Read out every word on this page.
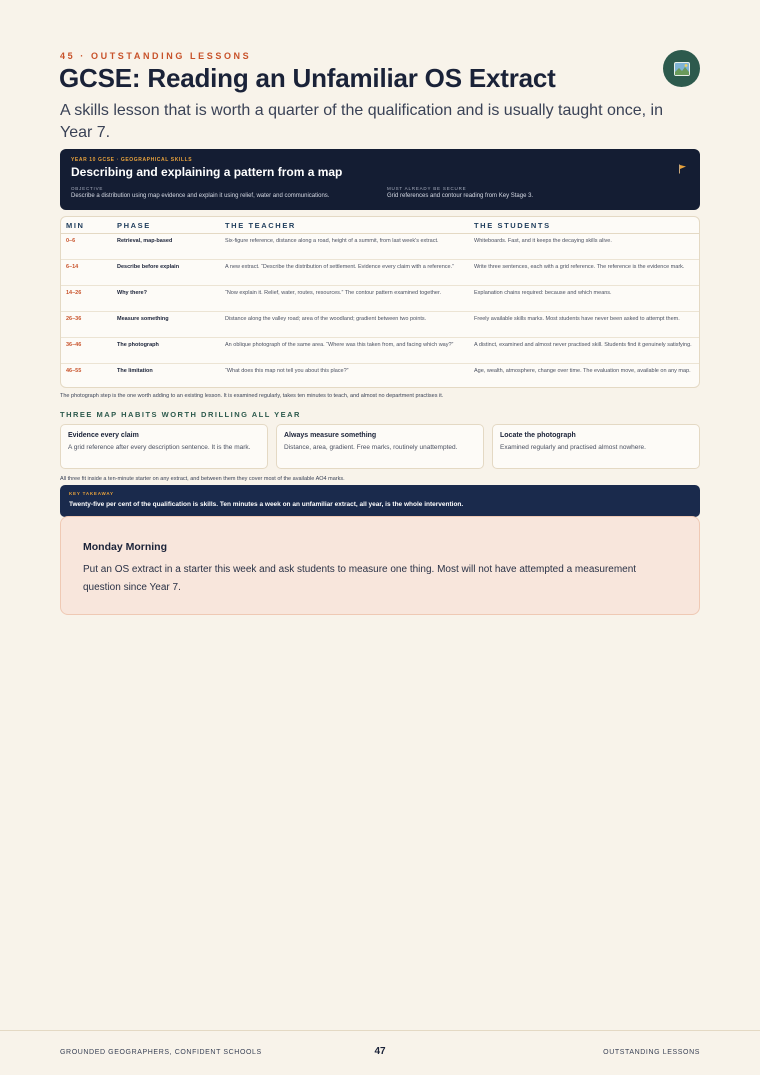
45 · OUTSTANDING LESSONS
GCSE: Reading an Unfamiliar OS Extract

A skills lesson that is worth a quarter of the qualification and is usually taught once, in Year 7.

YEAR 10 GCSE · GEOGRAPHICAL SKILLS
Describing and explaining a pattern from a map
OBJECTIVE
Describe a distribution using map evidence and explain it using relief, water and communications.
MUST ALREADY BE SECURE
Grid references and contour reading from Key Stage 3.
MIN	PHASE	THE TEACHER	THE STUDENTS
0–6	Retrieval, map-based	Six-figure reference, distance along a road, height of a summit, from last week's extract.	Whiteboards. Fast, and it keeps the decaying skills alive.
6–14	Describe before explain	A new extract. “Describe the distribution of settlement. Evidence every claim with a reference.”	Write three sentences, each with a grid reference. The reference is the evidence mark.
14–26	Why there?	“Now explain it. Relief, water, routes, resources.” The contour pattern examined together.	Explanation chains required: because and which means.
26–36	Measure something	Distance along the valley road; area of the woodland; gradient between two points.	Freely available skills marks. Most students have never been asked to attempt them.
36–46	The photograph	An oblique photograph of the same area. “Where was this taken from, and facing which way?”	A distinct, examined and almost never practised skill. Students find it genuinely satisfying.
46–55	The limitation	“What does this map not tell you about this place?”	Age, wealth, atmosphere, change over time. The evaluation move, available on any map.
The photograph step is the one worth adding to an existing lesson. It is examined regularly, takes ten minutes to teach, and almost no department practises it.
THREE MAP HABITS WORTH DRILLING ALL YEAR
Evidence every claim
A grid reference after every description sentence. It is the mark.
Always measure something
Distance, area, gradient. Free marks, routinely unattempted.
Locate the photograph
Examined regularly and practised almost nowhere.
All three fit inside a ten-minute starter on any extract, and between them they cover most of the available AO4 marks.
KEY TAKEAWAY
Twenty-five per cent of the qualification is skills. Ten minutes a week on an unfamiliar extract, all year, is the whole intervention.
Monday Morning
Put an OS extract in a starter this week and ask students to measure one thing. Most will not have attempted a measurement question since Year 7.
GROUNDED GEOGRAPHERS, CONFIDENT SCHOOLS	47	OUTSTANDING LESSONS
